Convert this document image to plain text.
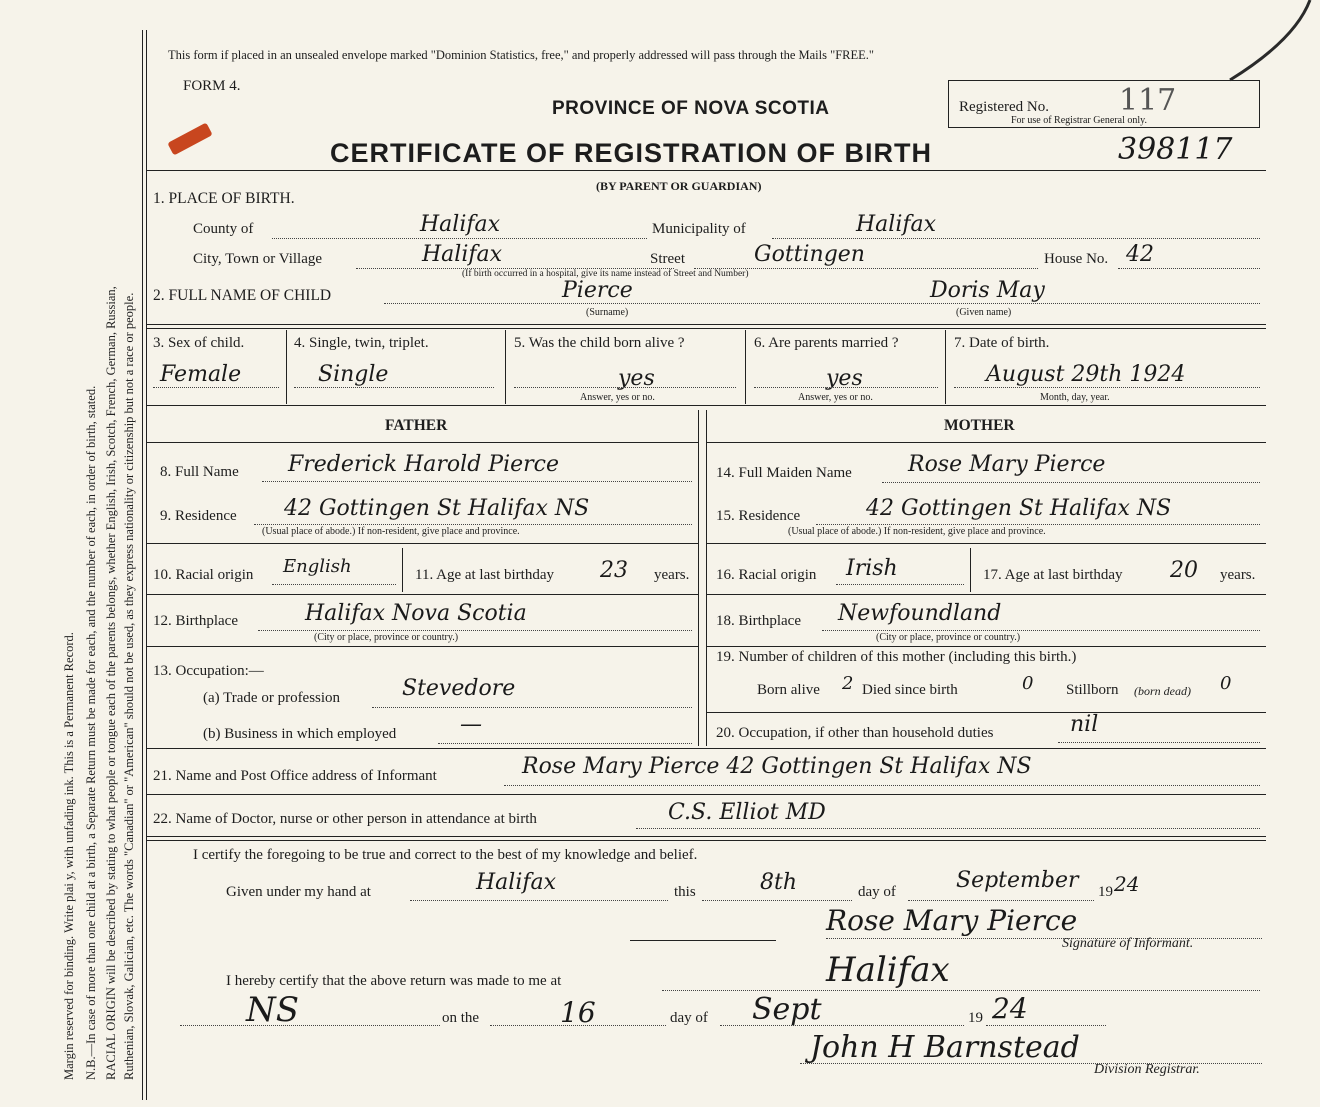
Margin reserved for binding. Write plai y, with unfading ink. This is a Permanent Record. N.B.—In case of more than one child at a birth, a Separate Return must be made for each, and the number of each, in order of birth, stated. RACIAL ORIGIN will be described by stating to what people or tongue each of the parents belongs, whether English, Irish, Scotch, French, German, Russian, Ruthenian, Slovak, Galician, etc. The words "Canadian" or "American" should not be used, as they express nationality or citizenship but not a race or people.
This form if placed in an unsealed envelope marked "Dominion Statistics, free," and properly addressed will pass through the Mails "FREE."
FORM 4.
PROVINCE OF NOVA SCOTIA
CERTIFICATE OF REGISTRATION OF BIRTH
(BY PARENT OR GUARDIAN)
Registered No. 117
For use of Registrar General only.
398117
1. PLACE OF BIRTH.
County of	Halifax	Municipality of	Halifax
City, Town or Village	Halifax	Street	Gottingen	House No. 42
(If birth occurred in a hospital, give its name instead of Street and Number)
2. FULL NAME OF CHILD	Pierce	Doris May
(Surname)	(Given name)
3. Sex of child.
Female
4. Single, twin, triplet.
Single
5. Was the child born alive ?
yes
Answer, yes or no.
6. Are parents married ?
yes
Answer, yes or no.
7. Date of birth.
August 29th 1924
Month, day, year.
FATHER	MOTHER
8. Full Name Frederick Harold Pierce
9. Residence 42 Gottingen St Halifax NS
(Usual place of abode.) If non-resident, give place and province.
10. Racial origin English	11. Age at last birthday 23 years.
12. Birthplace	Halifax Nova Scotia
(City or place, province or country.)
13. Occupation:—
(a) Trade or profession	Stevedore
(b) Business in which employed	—
14. Full Maiden Name	Rose Mary Pierce
15. Residence	42 Gottingen St Halifax NS
(Usual place of abode.) If non-resident, give place and province.
16. Racial origin Irish	17. Age at last birthday 20 years.
18. Birthplace Newfoundland
(City or place, province or country.)
19. Number of children of this mother (including this birth.)
Born alive 2 Died since birth	0 Stillborn (born dead) 0
20. Occupation, if other than household duties	nil
21. Name and Post Office address of Informant	Rose Mary Pierce 42 Gottingen St Halifax NS
22. Name of Doctor, nurse or other person in attendance at birth	C.S. Elliot MD
I certify the foregoing to be true and correct to the best of my knowledge and belief.
Given under my hand at	Halifax	this	8th	day of	September 19 24
Rose Mary Pierce
Signature of Informant.
I hereby certify that the above return was made to me at	Halifax
NS	on the	16	day of Sept	19 24
John H Barnstead
Division Registrar.
